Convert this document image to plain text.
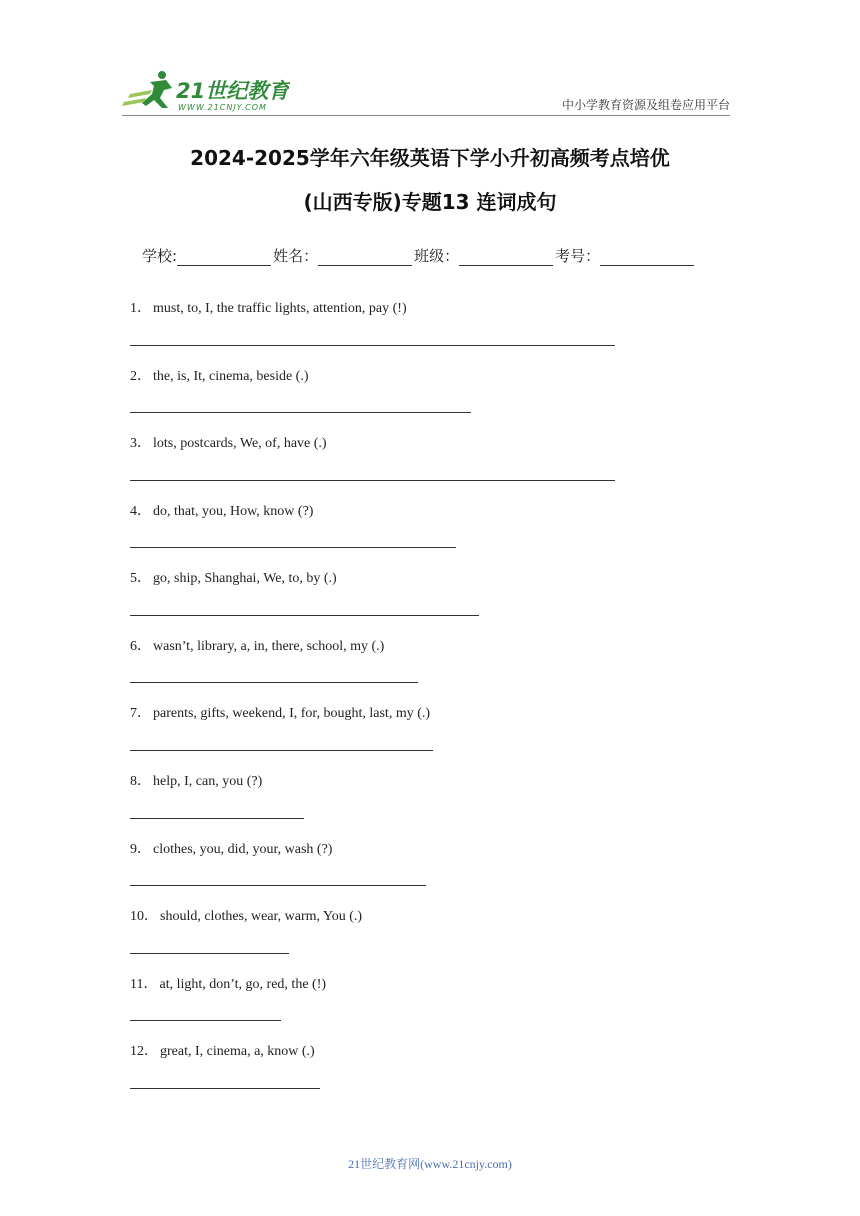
21世纪教育
WWW.21CNJY.COM	中小学教育资源及组卷应用平台
2024-2025学年六年级英语下学小升初高频考点培优
(山西专版)专题13 连词成句
学校:	姓名：	班级：	考号：
1． must, to, I, the traffic lights, attention, pay (!)
2． the, is, It, cinema, beside (.)
3． lots, postcards, We, of, have (.)
4． do, that, you, How, know (?)
5． go, ship, Shanghai, We, to, by (.)
6． wasn’t, library, a, in, there, school, my (.)
7． parents, gifts, weekend, I, for, bought, last, my (.)
8． help, I, can, you (?)
9． clothes, you, did, your, wash (?)
10． should, clothes, wear, warm, You (.)
11． at, light, don’t, go, red, the (!)
12． great, I, cinema, a, know (.)
21世纪教育网(www.21cnjy.com)
